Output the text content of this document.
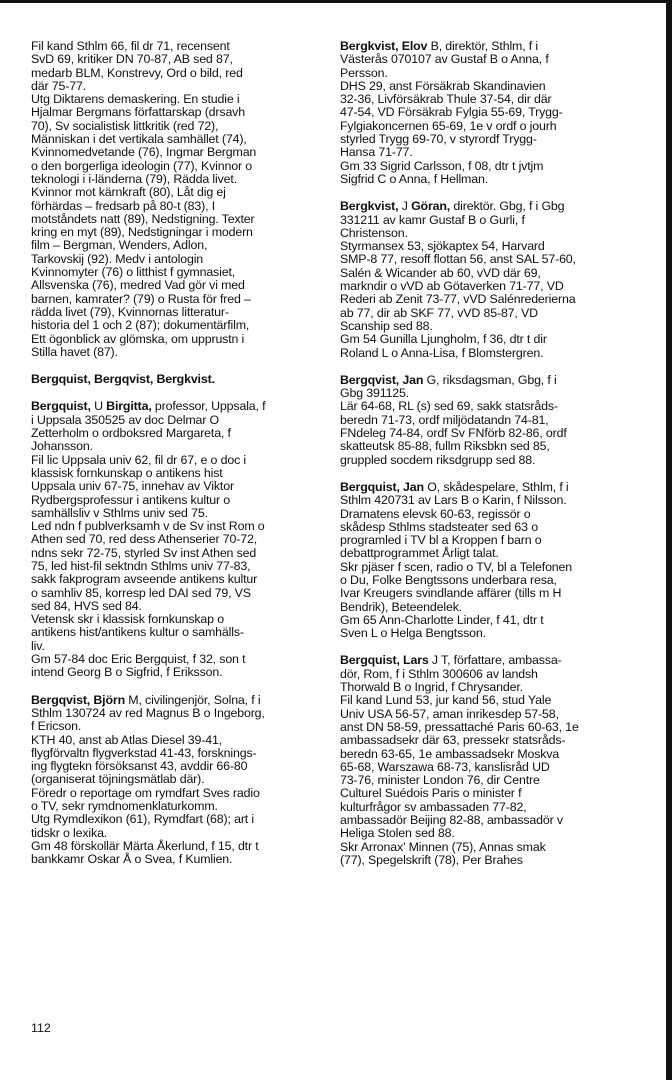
Fil kand Sthlm 66, fil dr 71, recensent
SvD 69, kritiker DN 70-87, AB sed 87,
medarb BLM, Konstrevy, Ord o bild, red
där 75-77.
Utg Diktarens demaskering. En studie i
Hjalmar Bergmans författarskap (drsavh
70), Sv socialistisk littkritik (red 72),
Människan i det vertikala samhället (74),
Kvinnomedvetande (76), Ingmar Bergman
o den borgerliga ideologin (77), Kvinnor o
teknologi i i-länderna (79), Rädda livet.
Kvinnor mot kärnkraft (80), Låt dig ej
förhärdas – fredsarb på 80-t (83), I
motståndets natt (89), Nedstigning. Texter
kring en myt (89), Nedstigningar i modern
film – Bergman, Wenders, Adlon,
Tarkovskij (92). Medv i antologin
Kvinnomyter (76) o litthist f gymnasiet,
Allsvenska (76), medred Vad gör vi med
barnen, kamrater? (79) o Rusta för fred –
rädda livet (79), Kvinnornas litteratur-
historia del 1 och 2 (87); dokumentärfilm,
Ett ögonblick av glömska, om upprustn i
Stilla havet (87).
Bergquist, Bergqvist, Bergkvist.
Bergquist, U Birgitta, professor, Uppsala, f
i Uppsala 350525 av doc Delmar O
Zetterholm o ordboksred Margareta, f
Johansson.
Fil lic Uppsala univ 62, fil dr 67, e o doc i
klassisk fornkunskap o antikens hist
Uppsala univ 67-75, innehav av Viktor
Rydbergsprofessur i antikens kultur o
samhällsliv v Sthlms univ sed 75.
Led ndn f publverksamh v de Sv inst Rom o
Athen sed 70, red dess Athenserier 70-72,
ndns sekr 72-75, styrled Sv inst Athen sed
75, led hist-fil sektndn Sthlms univ 77-83,
sakk fakprogram avseende antikens kultur
o samhliv 85, korresp led DAI sed 79, VS
sed 84, HVS sed 84.
Vetensk skr i klassisk fornkunskap o
antikens hist/antikens kultur o samhälls-
liv.
Gm 57-84 doc Eric Bergquist, f 32, son t
intend Georg B o Sigfrid, f Eriksson.
Bergqvist, Björn M, civilingenjör, Solna, f i
Sthlm 130724 av red Magnus B o Ingeborg,
f Ericson.
KTH 40, anst ab Atlas Diesel 39-41,
flygförvaltn flygverkstad 41-43, forsknings-
ing flygtekn försöksanst 43, avddir 66-80
(organiserat töjningsmätlab där).
Föredr o reportage om rymdfart Sves radio
o TV, sekr rymdnomenklaturkomm.
Utg Rymdlexikon (61), Rymdfart (68); art i
tidskr o lexika.
Gm 48 förskollär Märta Åkerlund, f 15, dtr t
bankkamr Oskar Å o Svea, f Kumlien.
Bergkvist, Elov B, direktör, Sthlm, f i
Västerås 070107 av Gustaf B o Anna, f
Persson.
DHS 29, anst Försäkrab Skandinavien
32-36, Livförsäkrab Thule 37-54, dir där
47-54, VD Försäkrab Fylgia 55-69, Trygg-
Fylgiakoncernen 65-69, 1e v ordf o jourh
styrled Trygg 69-70, v styrordf Trygg-
Hansa 71-77.
Gm 33 Sigrid Carlsson, f 08, dtr t jvtjm
Sigfrid C o Anna, f Hellman.
Bergkvist, J Göran, direktör. Gbg, f i Gbg
331211 av kamr Gustaf B o Gurli, f
Christenson.
Styrmansex 53, sjökaptex 54, Harvard
SMP-8 77, resoff flottan 56, anst SAL 57-60,
Salén & Wicander ab 60, vVD där 69,
markndir o vVD ab Götaverken 71-77, VD
Rederi ab Zenit 73-77, vVD Salénrederierna
ab 77, dir ab SKF 77, vVD 85-87, VD
Scanship sed 88.
Gm 54 Gunilla Ljungholm, f 36, dtr t dir
Roland L o Anna-Lisa, f Blomstergren.
Bergqvist, Jan G, riksdagsman, Gbg, f i
Gbg 391125.
Lär 64-68, RL (s) sed 69, sakk statsråds-
beredn 71-73, ordf miljödatandn 74-81,
FNdeleg 74-84, ordf Sv FNförb 82-86, ordf
skatteutsk 85-88, fullm Riksbkn sed 85,
gruppled socdem riksdgrupp sed 88.
Bergquist, Jan O, skådespelare, Sthlm, f i
Sthlm 420731 av Lars B o Karin, f Nilsson.
Dramatens elevsk 60-63, regissör o
skådesp Sthlms stadsteater sed 63 o
programled i TV bl a Kroppen f barn o
debattprogrammet Årligt talat.
Skr pjäser f scen, radio o TV, bl a Telefonen
o Du, Folke Bengtssons underbara resa,
Ivar Kreugers svindlande affärer (tills m H
Bendrik), Beteendelek.
Gm 65 Ann-Charlotte Linder, f 41, dtr t
Sven L o Helga Bengtsson.
Bergquist, Lars J T, författare, ambassa-
dör, Rom, f i Sthlm 300606 av landsh
Thorwald B o Ingrid, f Chrysander.
Fil kand Lund 53, jur kand 56, stud Yale
Univ USA 56-57, aman inrikesdep 57-58,
anst DN 58-59, pressattaché Paris 60-63, 1e
ambassadsekr där 63, pressekr statsråds-
beredn 63-65, 1e ambassadsekr Moskva
65-68, Warszawa 68-73, kanslisråd UD
73-76, minister London 76, dir Centre
Culturel Suédois Paris o minister f
kulturfrågor sv ambassaden 77-82,
ambassadör Beijing 82-88, ambassadör v
Heliga Stolen sed 88.
Skr Arronax' Minnen (75), Annas smak
(77), Spegelskrift (78), Per Brahes
112
